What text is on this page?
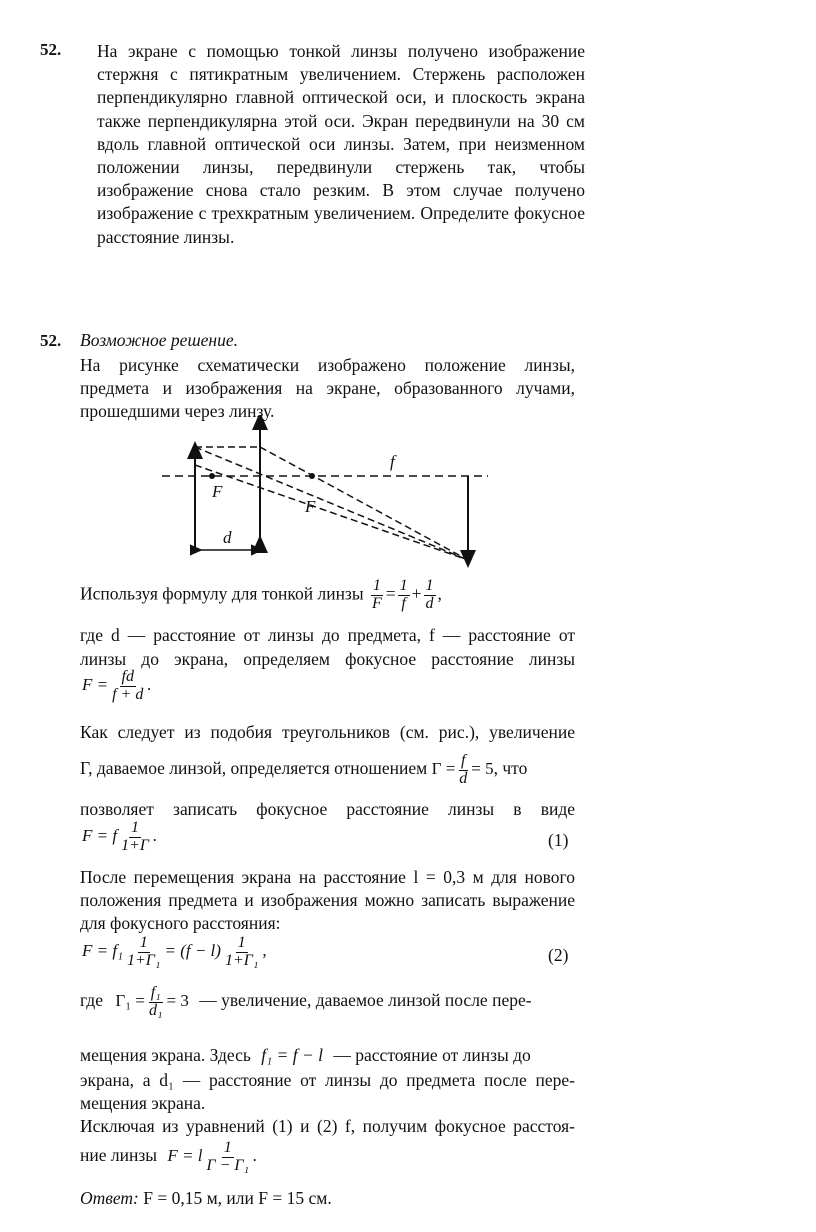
52. На экране с помощью тонкой линзы получено изображение стержня с пятикратным увеличением. Стержень расположен перпендикулярно главной оптической оси, и плоскость экрана также перпендикулярна этой оси. Экран передвинули на 30 см вдоль главной оптической оси линзы. Затем, при неизменном положении линзы, передвинули стержень так, чтобы изображение снова стало резким. В этом случае получено изображение с трехкратным увеличением. Определите фокусное расстояние линзы.
52. Возможное решение.
На рисунке схематически изображено положение линзы, предмета и изображения на экране, образованного лучами, прошедшими через линзу.
f
F
F
d
Используя формулу для тонкой линзы $\frac{1}{F} = \frac{1}{f} + \frac{1}{d}$ ,
где d — расстояние от линзы до предмета, f — расстояние от
линзы до экрана, определяем фокусное расстояние линзы
$F = \frac{fd}{f + d}$ .
Как следует из подобия треугольников (см. рис.), увеличение
Г, даваемое линзой, определяется отношением $Г = \frac{f}{d} = 5$, что
позволяет записать фокусное расстояние линзы в виде
F = f $\frac{1}{1+Г}$ .	(1)
После перемещения экрана на расстояние l = 0,3 м для нового положения предмета и изображения можно записать выражение для фокусного расстояния:
$F = f_1 \frac{1}{\text{1+Г₁}} = (f - l) \frac{1}{\text{1+Г₁}}$ ,	(2)
где $Г_1 = \frac{\text{f₁}}{\text{d₁}} = 3$ — увеличение, даваемое линзой после пере-
мещения экрана. Здесь f₁ = f − l — расстояние от линзы до
экрана, а d₁ — расстояние от линзы до предмета после пере-
мещения экрана.
Исключая из уравнений (1) и (2) f, получим фокусное расстоя-
ние линзы F = l $\frac{1}{\text{Г − Г₁}}$ .
Ответ: F = 0,15 м, или F = 15 см.
